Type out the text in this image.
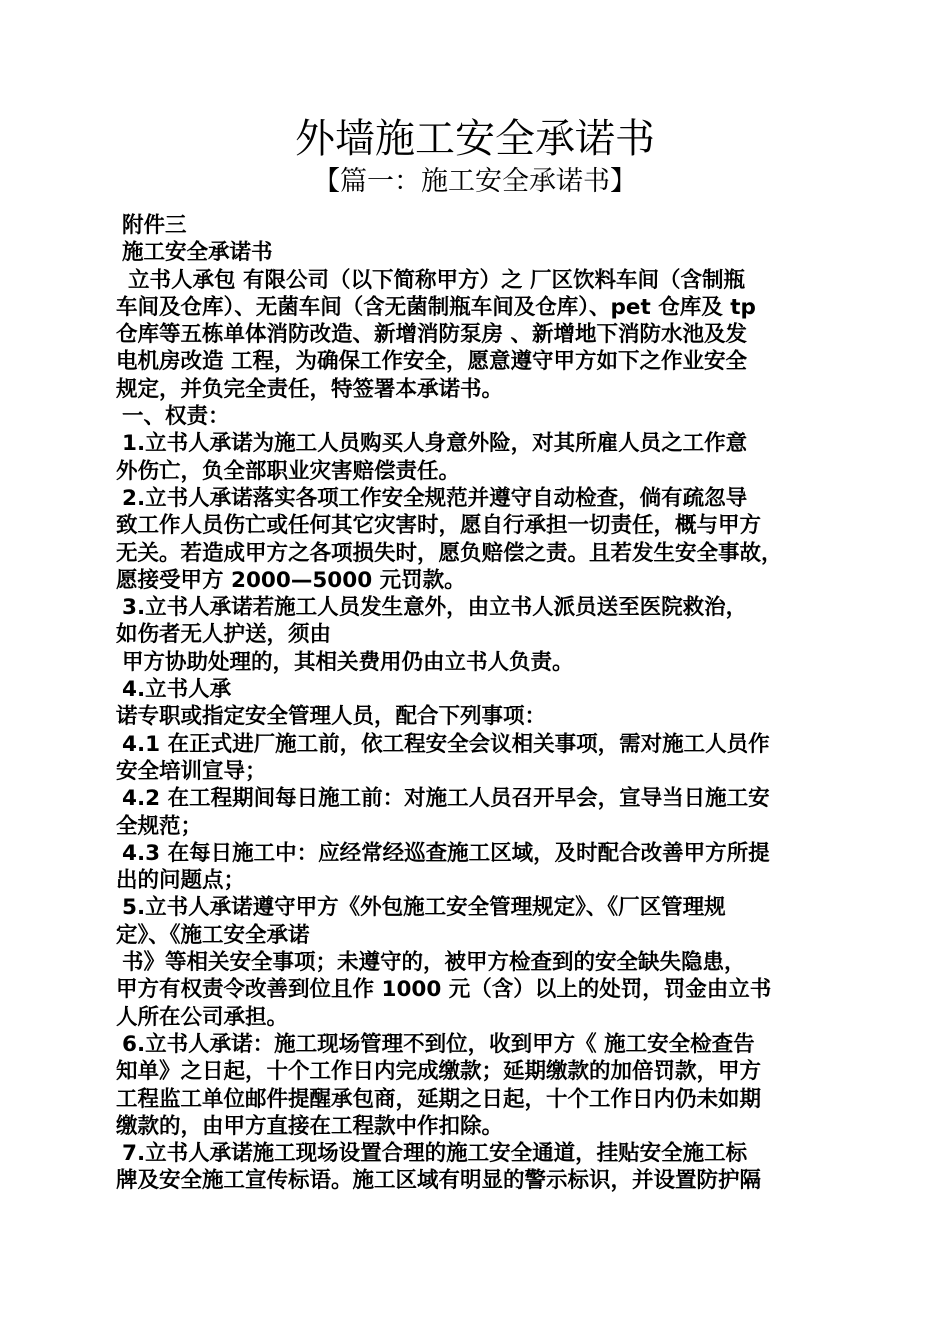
外墙施工安全承诺书
【篇一：施工安全承诺书】
附件三
施工安全承诺书
立书人承包 有限公司（以下简称甲方）之 厂区饮料车间（含制瓶
车间及仓库）、无菌车间（含无菌制瓶车间及仓库）、pet 仓库及 tp
仓库等五栋单体消防改造、新增消防泵房 、新增地下消防水池及发
电机房改造 工程，为确保工作安全，愿意遵守甲方如下之作业安全
规定，并负完全责任，特签署本承诺书。
一、权责：
1.立书人承诺为施工人员购买人身意外险，对其所雇人员之工作意
外伤亡，负全部职业灾害赔偿责任。
2.立书人承诺落实各项工作安全规范并遵守自动检查，倘有疏忽导
致工作人员伤亡或任何其它灾害时，愿自行承担一切责任，概与甲方
无关。若造成甲方之各项损失时，愿负赔偿之责。且若发生安全事故，
愿接受甲方 2000—5000 元罚款。
3.立书人承诺若施工人员发生意外，由立书人派员送至医院救治，
如伤者无人护送，须由
甲方协助处理的，其相关费用仍由立书人负责。
4.立书人承
诺专职或指定安全管理人员，配合下列事项：
4.1 在正式进厂施工前，依工程安全会议相关事项，需对施工人员作
安全培训宣导；
4.2 在工程期间每日施工前：对施工人员召开早会，宣导当日施工安
全规范；
4.3 在每日施工中：应经常经巡查施工区域，及时配合改善甲方所提
出的问题点；
5.立书人承诺遵守甲方《外包施工安全管理规定》、《厂区管理规
定》、《施工安全承诺
书》等相关安全事项；未遵守的，被甲方检查到的安全缺失隐患，
甲方有权责令改善到位且作 1000 元（含）以上的处罚，罚金由立书
人所在公司承担。
6.立书人承诺：施工现场管理不到位，收到甲方《 施工安全检查告
知单》之日起，十个工作日内完成缴款；延期缴款的加倍罚款，甲方
工程监工单位邮件提醒承包商，延期之日起，十个工作日内仍未如期
缴款的，由甲方直接在工程款中作扣除。
7.立书人承诺施工现场设置合理的施工安全通道，挂贴安全施工标
牌及安全施工宣传标语。施工区域有明显的警示标识，并设置防护隔
